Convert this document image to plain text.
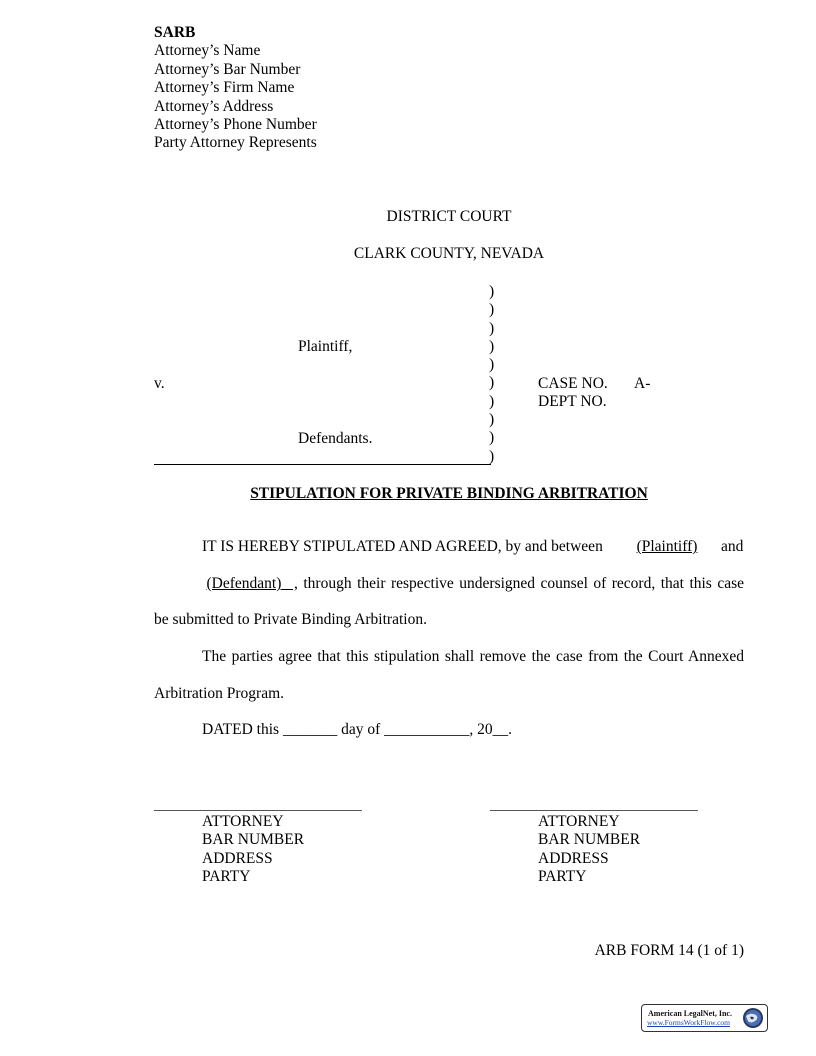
SARB
Attorney’s Name
Attorney’s Bar Number
Attorney’s Firm Name
Attorney’s Address
Attorney’s Phone Number
Party Attorney Represents
DISTRICT COURT
CLARK COUNTY, NEVADA
)
)
)
)
)
)
)
)
)
)
Plaintiff,
v.	CASE NO. A-
DEPT NO.
Defendants.
STIPULATION FOR PRIVATE BINDING ARBITRATION
IT IS HEREBY STIPULATED AND AGREED, by and between	(Plaintiff)	and
(Defendant) , through their respective undersigned counsel of record, that this case
be submitted to Private Binding Arbitration.
The parties agree that this stipulation shall remove the case from the Court Annexed
Arbitration Program.
DATED this _______ day of ___________, 20__.
ATTORNEY
BAR NUMBER
ADDRESS
PARTY
ATTORNEY
BAR NUMBER
ADDRESS
PARTY
ARB FORM 14 (1 of 1)
American LegalNet, Inc.
www.FormsWorkFlow.com
